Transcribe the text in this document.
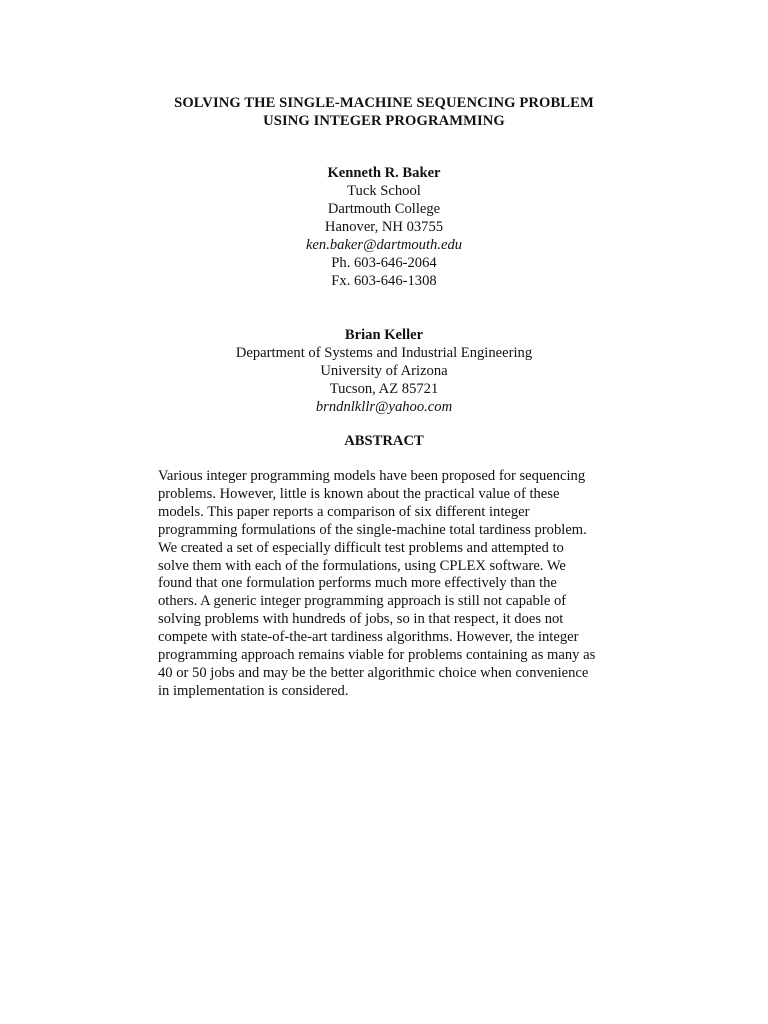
SOLVING THE SINGLE-MACHINE SEQUENCING PROBLEM
USING INTEGER PROGRAMMING
Kenneth R. Baker
Tuck School
Dartmouth College
Hanover, NH 03755
ken.baker@dartmouth.edu
Ph. 603-646-2064
Fx. 603-646-1308
Brian Keller
Department of Systems and Industrial Engineering
University of Arizona
Tucson, AZ 85721
brndnlkllr@yahoo.com
ABSTRACT
Various integer programming models have been proposed for sequencing
problems. However, little is known about the practical value of these
models. This paper reports a comparison of six different integer
programming formulations of the single-machine total tardiness problem.
We created a set of especially difficult test problems and attempted to
solve them with each of the formulations, using CPLEX software. We
found that one formulation performs much more effectively than the
others. A generic integer programming approach is still not capable of
solving problems with hundreds of jobs, so in that respect, it does not
compete with state-of-the-art tardiness algorithms. However, the integer
programming approach remains viable for problems containing as many as
40 or 50 jobs and may be the better algorithmic choice when convenience
in implementation is considered.
